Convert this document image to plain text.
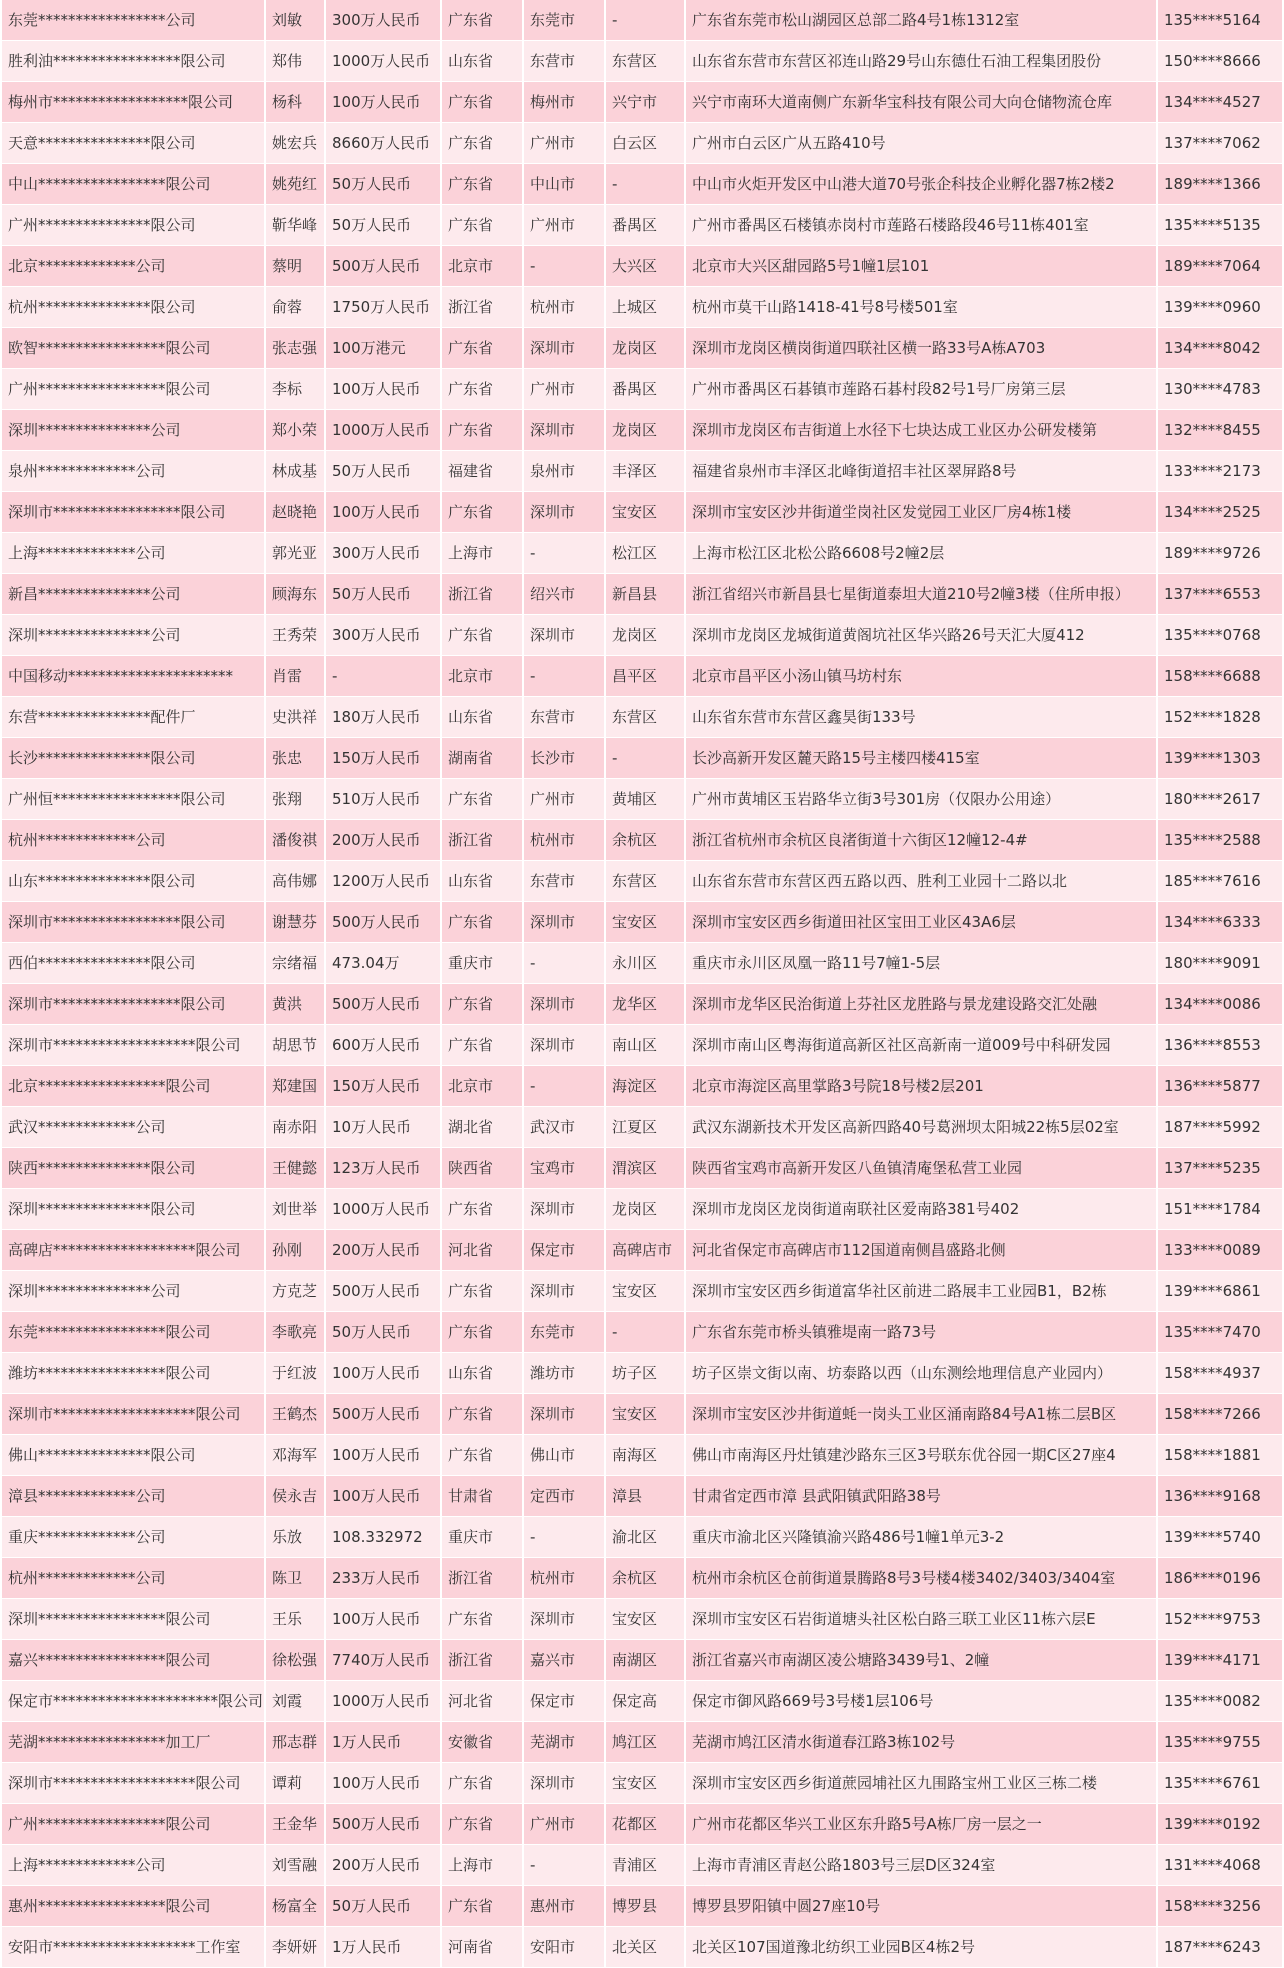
东莞*****************公司	刘敏	300万人民币	广东省	东莞市	-	广东省东莞市松山湖园区总部二路4号1栋1312室	135****5164
胜利油*****************限公司	郑伟	1000万人民币	山东省	东营市	东营区	山东省东营市东营区祁连山路29号山东德仕石油工程集团股份	150****8666
梅州市******************限公司	杨科	100万人民币	广东省	梅州市	兴宁市	兴宁市南环大道南侧广东新华宝科技有限公司大向仓储物流仓库	134****4527
天意***************限公司	姚宏兵	8660万人民币	广东省	广州市	白云区	广州市白云区广从五路410号	137****7062
中山*****************限公司	姚苑红	50万人民币	广东省	中山市	-	中山市火炬开发区中山港大道70号张企科技企业孵化器7栋2楼2	189****1366
广州***************限公司	靳华峰	50万人民币	广东省	广州市	番禺区	广州市番禺区石楼镇赤岗村市莲路石楼路段46号11栋401室	135****5135
北京*************公司	蔡明	500万人民币	北京市	-	大兴区	北京市大兴区甜园路5号1幢1层101	189****7064
杭州***************限公司	俞蓉	1750万人民币	浙江省	杭州市	上城区	杭州市莫干山路1418-41号8号楼501室	139****0960
欧智*****************限公司	张志强	100万港元	广东省	深圳市	龙岗区	深圳市龙岗区横岗街道四联社区横一路33号A栋A703	134****8042
广州*****************限公司	李标	100万人民币	广东省	广州市	番禺区	广州市番禺区石碁镇市莲路石碁村段82号1号厂房第三层	130****4783
深圳***************公司	郑小荣	1000万人民币	广东省	深圳市	龙岗区	深圳市龙岗区布吉街道上水径下七块达成工业区办公研发楼第	132****8455
泉州*************公司	林成基	50万人民币	福建省	泉州市	丰泽区	福建省泉州市丰泽区北峰街道招丰社区翠屏路8号	133****2173
深圳市*****************限公司	赵晓艳	100万人民币	广东省	深圳市	宝安区	深圳市宝安区沙井街道坣岗社区发觉园工业区厂房4栋1楼	134****2525
上海*************公司	郭光亚	300万人民币	上海市	-	松江区	上海市松江区北松公路6608号2幢2层	189****9726
新昌***************公司	顾海东	50万人民币	浙江省	绍兴市	新昌县	浙江省绍兴市新昌县七星街道泰坦大道210号2幢3楼（住所申报）	137****6553
深圳***************公司	王秀荣	300万人民币	广东省	深圳市	龙岗区	深圳市龙岗区龙城街道黄阁坑社区华兴路26号天汇大厦412	135****0768
中国移动**********************	肖雷	-	北京市	-	昌平区	北京市昌平区小汤山镇马坊村东	158****6688
东营***************配件厂	史洪祥	180万人民币	山东省	东营市	东营区	山东省东营市东营区鑫昊街133号	152****1828
长沙***************限公司	张忠	150万人民币	湖南省	长沙市	-	长沙高新开发区麓天路15号主楼四楼415室	139****1303
广州恒*****************限公司	张翔	510万人民币	广东省	广州市	黄埔区	广州市黄埔区玉岩路华立街3号301房（仅限办公用途）	180****2617
杭州*************公司	潘俊祺	200万人民币	浙江省	杭州市	余杭区	浙江省杭州市余杭区良渚街道十六街区12幢12-4#	135****2588
山东***************限公司	高伟娜	1200万人民币	山东省	东营市	东营区	山东省东营市东营区西五路以西、胜利工业园十二路以北	185****7616
深圳市*****************限公司	谢慧芬	500万人民币	广东省	深圳市	宝安区	深圳市宝安区西乡街道田社区宝田工业区43A6层	134****6333
西伯***************限公司	宗绪福	473.04万	重庆市	-	永川区	重庆市永川区凤凰一路11号7幢1-5层	180****9091
深圳市*****************限公司	黄洪	500万人民币	广东省	深圳市	龙华区	深圳市龙华区民治街道上芬社区龙胜路与景龙建设路交汇处融	134****0086
深圳市*******************限公司	胡思节	600万人民币	广东省	深圳市	南山区	深圳市南山区粤海街道高新区社区高新南一道009号中科研发园	136****8553
北京*****************限公司	郑建国	150万人民币	北京市	-	海淀区	北京市海淀区高里掌路3号院18号楼2层201	136****5877
武汉*************公司	南赤阳	10万人民币	湖北省	武汉市	江夏区	武汉东湖新技术开发区高新四路40号葛洲坝太阳城22栋5层02室	187****5992
陕西***************限公司	王健懿	123万人民币	陕西省	宝鸡市	渭滨区	陕西省宝鸡市高新开发区八鱼镇清庵堡私营工业园	137****5235
深圳***************限公司	刘世举	1000万人民币	广东省	深圳市	龙岗区	深圳市龙岗区龙岗街道南联社区爱南路381号402	151****1784
高碑店*******************限公司	孙刚	200万人民币	河北省	保定市	高碑店市	河北省保定市高碑店市112国道南侧昌盛路北侧	133****0089
深圳***************公司	方克芝	500万人民币	广东省	深圳市	宝安区	深圳市宝安区西乡街道富华社区前进二路展丰工业园B1，B2栋	139****6861
东莞*****************限公司	李歌亮	50万人民币	广东省	东莞市	-	广东省东莞市桥头镇雅堤南一路73号	135****7470
潍坊*****************限公司	于红波	100万人民币	山东省	潍坊市	坊子区	坊子区崇文街以南、坊泰路以西（山东测绘地理信息产业园内）	158****4937
深圳市*******************限公司	王鹤杰	500万人民币	广东省	深圳市	宝安区	深圳市宝安区沙井街道蚝一岗头工业区涌南路84号A1栋二层B区	158****7266
佛山***************限公司	邓海军	100万人民币	广东省	佛山市	南海区	佛山市南海区丹灶镇建沙路东三区3号联东优谷园一期C区27座4	158****1881
漳县*************公司	侯永吉	100万人民币	甘肃省	定西市	漳县	甘肃省定西市漳 县武阳镇武阳路38号	136****9168
重庆*************公司	乐放	108.332972	重庆市	-	渝北区	重庆市渝北区兴隆镇渝兴路486号1幢1单元3-2	139****5740
杭州*************公司	陈卫	233万人民币	浙江省	杭州市	余杭区	杭州市余杭区仓前街道景腾路8号3号楼4楼3402/3403/3404室	186****0196
深圳*****************限公司	王乐	100万人民币	广东省	深圳市	宝安区	深圳市宝安区石岩街道塘头社区松白路三联工业区11栋六层E	152****9753
嘉兴*****************限公司	徐松强	7740万人民币	浙江省	嘉兴市	南湖区	浙江省嘉兴市南湖区凌公塘路3439号1、2幢	139****4171
保定市**********************限公司	刘霞	1000万人民币	河北省	保定市	保定高	保定市御风路669号3号楼1层106号	135****0082
芜湖*****************加工厂	邢志群	1万人民币	安徽省	芜湖市	鸠江区	芜湖市鸠江区清水街道春江路3栋102号	135****9755
深圳市*******************限公司	谭莉	100万人民币	广东省	深圳市	宝安区	深圳市宝安区西乡街道蔗园埔社区九围路宝州工业区三栋二楼	135****6761
广州*****************限公司	王金华	500万人民币	广东省	广州市	花都区	广州市花都区华兴工业区东升路5号A栋厂房一层之一	139****0192
上海*************公司	刘雪融	200万人民币	上海市	-	青浦区	上海市青浦区青赵公路1803号三层D区324室	131****4068
惠州*****************限公司	杨富全	50万人民币	广东省	惠州市	博罗县	博罗县罗阳镇中圆27座10号	158****3256
安阳市*******************工作室	李妍妍	1万人民币	河南省	安阳市	北关区	北关区107国道豫北纺织工业园B区4栋2号	187****6243
